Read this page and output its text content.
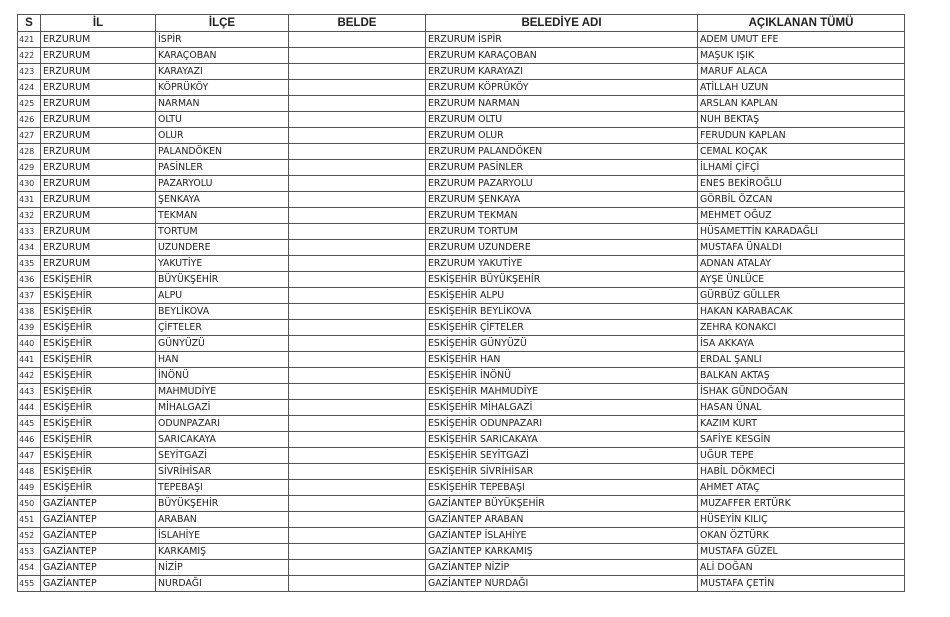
S	İL	İLÇE	BELDE	BELEDİYE ADI	AÇIKLANAN TÜMÜ
421	ERZURUM	İSPİR		ERZURUM İSPİR	ADEM UMUT EFE
422	ERZURUM	KARAÇOBAN		ERZURUM KARAÇOBAN	MAŞUK IŞIK
423	ERZURUM	KARAYAZI		ERZURUM KARAYAZI	MARUF ALACA
424	ERZURUM	KÖPRÜKÖY		ERZURUM KÖPRÜKÖY	ATİLLAH UZUN
425	ERZURUM	NARMAN		ERZURUM NARMAN	ARSLAN KAPLAN
426	ERZURUM	OLTU		ERZURUM OLTU	NUH BEKTAŞ
427	ERZURUM	OLUR		ERZURUM OLUR	FERUDUN KAPLAN
428	ERZURUM	PALANDÖKEN		ERZURUM PALANDÖKEN	CEMAL KOÇAK
429	ERZURUM	PASİNLER		ERZURUM PASİNLER	İLHAMİ ÇİFÇİ
430	ERZURUM	PAZARYOLU		ERZURUM PAZARYOLU	ENES BEKİROĞLU
431	ERZURUM	ŞENKAYA		ERZURUM ŞENKAYA	GÖRBİL ÖZCAN
432	ERZURUM	TEKMAN		ERZURUM TEKMAN	MEHMET OĞUZ
433	ERZURUM	TORTUM		ERZURUM TORTUM	HÜSAMETTİN KARADAĞLI
434	ERZURUM	UZUNDERE		ERZURUM UZUNDERE	MUSTAFA ÜNALDI
435	ERZURUM	YAKUTİYE		ERZURUM YAKUTİYE	ADNAN ATALAY
436	ESKİŞEHİR	BÜYÜKŞEHİR		ESKİŞEHİR BÜYÜKŞEHİR	AYŞE ÜNLÜCE
437	ESKİŞEHİR	ALPU		ESKİŞEHİR ALPU	GÜRBÜZ GÜLLER
438	ESKİŞEHİR	BEYLİKOVA		ESKİŞEHİR BEYLİKOVA	HAKAN KARABACAK
439	ESKİŞEHİR	ÇİFTELER		ESKİŞEHİR ÇİFTELER	ZEHRA KONAKCI
440	ESKİŞEHİR	GÜNYÜZÜ		ESKİŞEHİR GÜNYÜZÜ	İSA AKKAYA
441	ESKİŞEHİR	HAN		ESKİŞEHİR HAN	ERDAL ŞANLI
442	ESKİŞEHİR	İNÖNÜ		ESKİŞEHİR İNÖNÜ	BALKAN AKTAŞ
443	ESKİŞEHİR	MAHMUDİYE		ESKİŞEHİR MAHMUDİYE	İSHAK GÜNDOĞAN
444	ESKİŞEHİR	MİHALGAZİ		ESKİŞEHİR MİHALGAZİ	HASAN ÜNAL
445	ESKİŞEHİR	ODUNPAZARI		ESKİŞEHİR ODUNPAZARI	KAZIM KURT
446	ESKİŞEHİR	SARICAKAYA		ESKİŞEHİR SARICAKAYA	SAFİYE KESGİN
447	ESKİŞEHİR	SEYİTGAZİ		ESKİŞEHİR SEYİTGAZİ	UĞUR TEPE
448	ESKİŞEHİR	SİVRİHİSAR		ESKİŞEHİR SİVRİHİSAR	HABİL DÖKMECİ
449	ESKİŞEHİR	TEPEBAŞI		ESKİŞEHİR TEPEBAŞI	AHMET ATAÇ
450	GAZİANTEP	BÜYÜKŞEHİR		GAZİANTEP BÜYÜKŞEHİR	MUZAFFER ERTÜRK
451	GAZİANTEP	ARABAN		GAZİANTEP ARABAN	HÜSEYİN KILIÇ
452	GAZİANTEP	İSLAHİYE		GAZİANTEP İSLAHİYE	OKAN ÖZTÜRK
453	GAZİANTEP	KARKAMIŞ		GAZİANTEP KARKAMIŞ	MUSTAFA GÜZEL
454	GAZİANTEP	NİZİP		GAZİANTEP NİZİP	ALİ DOĞAN
455	GAZİANTEP	NURDAĞI		GAZİANTEP NURDAĞI	MUSTAFA ÇETİN
